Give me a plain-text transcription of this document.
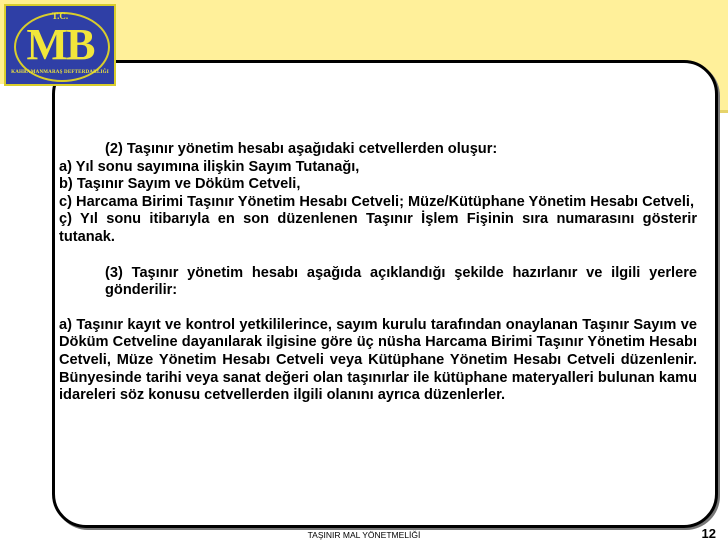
T.C.
MB
KAHRAMANMARAŞ DEFTERDARLIĞI

(2) Taşınır yönetim hesabı aşağıdaki cetvellerden oluşur:

a) Yıl sonu sayımına ilişkin Sayım Tutanağı,

b) Taşınır Sayım ve Döküm Cetveli,

c) Harcama Birimi Taşınır Yönetim Hesabı Cetveli; Müze/Kütüphane Yönetim Hesabı Cetveli,

ç) Yıl sonu itibarıyla en son düzenlenen Taşınır İşlem Fişinin sıra numarasını gösterir tutanak.

(3) Taşınır yönetim hesabı aşağıda açıklandığı şekilde hazırlanır ve ilgili yerlere gönderilir:

a) Taşınır kayıt ve kontrol yetkililerince, sayım kurulu tarafından onaylanan Taşınır Sayım ve Döküm Cetveline dayanılarak ilgisine göre üç nüsha Harcama Birimi Taşınır Yönetim Hesabı Cetveli, Müze Yönetim Hesabı Cetveli veya Kütüphane Yönetim Hesabı Cetveli düzenlenir. Bünyesinde tarihi veya sanat değeri olan taşınırlar ile kütüphane materyalleri bulunan kamu idareleri söz konusu cetvellerden ilgili olanını ayrıca düzenlerler.

TAŞINIR MAL YÖNETMELİĞİ	12
